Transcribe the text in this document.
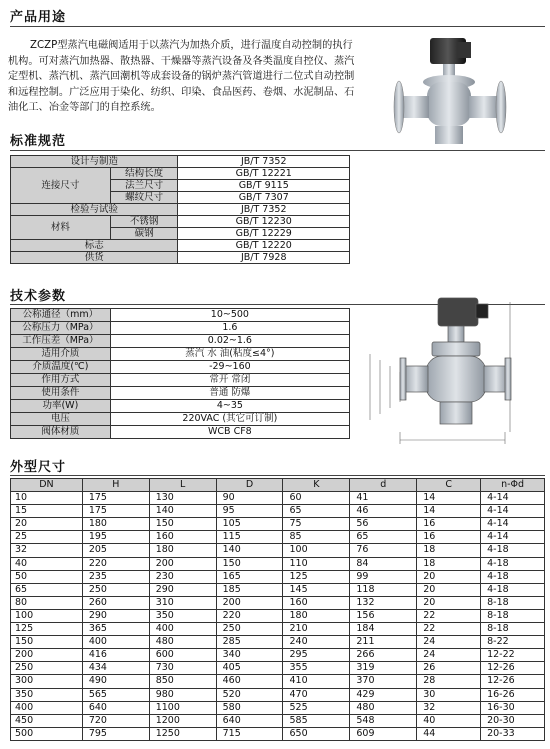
产品用途
ZCZP型蒸汽电磁阀适用于以蒸汽为加热介质，进行温度自动控制的执行机构。可对蒸汽加热器、散热器、干燥器等蒸汽设备及各类温度自控仪、蒸汽定型机、蒸汽机、蒸汽回潮机等成套设备的锅炉蒸汽管道进行二位式自动控制和远程控制。广泛应用于染化、纺织、印染、食品医药、卷烟、水泥制品、石油化工、冶金等部门的自控系统。
标准规范
设计与制造		JB/T 7352
连接尺寸	结构长度	GB/T 12221
	法兰尺寸	GB/T 9115
	螺纹尺寸	GB/T 7307
检验与试验		JB/T 7352
材料	不锈钢	GB/T 12230
	碳钢	GB/T 12229
标志		GB/T 12220
供货		JB/T 7928
技术参数
公称通径（mm）	10~500
公称压力（MPa）	1.6
工作压差（MPa）	0.02~1.6
适用介质	蒸汽 水 油(粘度≤4°)
介质温度(℃)	-29~160
作用方式	常开 常闭
使用条件	普通 防爆
功率(W)	4~35
电压	220VAC (其它可订制)
阀体材质	WCB CF8
外型尺寸
DN	H	L	D	K	d	C	n-Φd
10	175	130	90	60	41	14	4-14
15	175	140	95	65	46	14	4-14
20	180	150	105	75	56	16	4-14
25	195	160	115	85	65	16	4-14
32	205	180	140	100	76	18	4-18
40	220	200	150	110	84	18	4-18
50	235	230	165	125	99	20	4-18
65	250	290	185	145	118	20	4-18
80	260	310	200	160	132	20	8-18
100	290	350	220	180	156	22	8-18
125	365	400	250	210	184	22	8-18
150	400	480	285	240	211	24	8-22
200	416	600	340	295	266	24	12-22
250	434	730	405	355	319	26	12-26
300	490	850	460	410	370	28	12-26
350	565	980	520	470	429	30	16-26
400	640	1100	580	525	480	32	16-30
450	720	1200	640	585	548	40	20-30
500	795	1250	715	650	609	44	20-33
